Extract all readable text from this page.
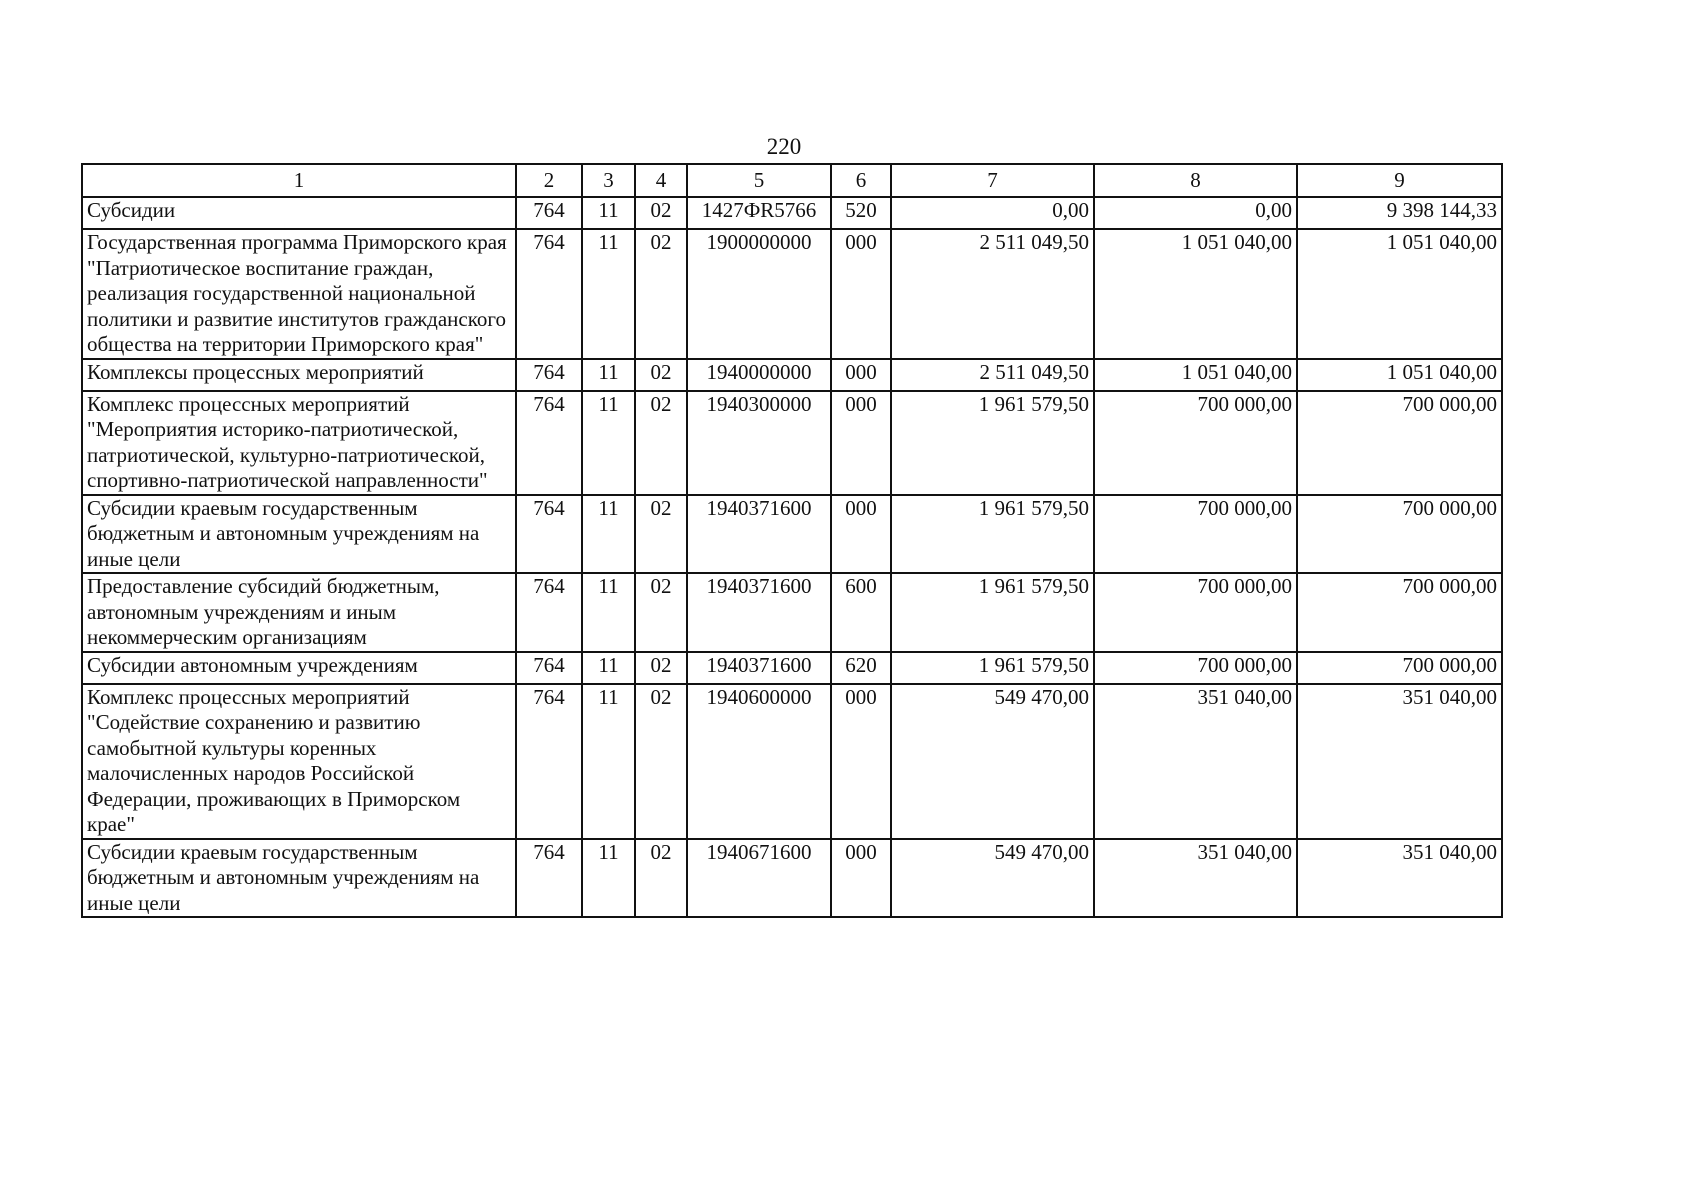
220
1	2	3	4	5	6	7	8	9
Субсидии	764	11	02	1427ФR5766	520	0,00	0,00	9 398 144,33
Государственная программа Приморского края "Патриотическое воспитание граждан, реализация государственной национальной политики и развитие институтов гражданского общества на территории Приморского края"	764	11	02	1900000000	000	2 511 049,50	1 051 040,00	1 051 040,00
Комплексы процессных мероприятий	764	11	02	1940000000	000	2 511 049,50	1 051 040,00	1 051 040,00
Комплекс процессных мероприятий "Мероприятия историко-патриотической, патриотической, культурно-патриотической, спортивно-патриотической направленности"	764	11	02	1940300000	000	1 961 579,50	700 000,00	700 000,00
Субсидии краевым государственным бюджетным и автономным учреждениям на иные цели	764	11	02	1940371600	000	1 961 579,50	700 000,00	700 000,00
Предоставление субсидий бюджетным, автономным учреждениям и иным некоммерческим организациям	764	11	02	1940371600	600	1 961 579,50	700 000,00	700 000,00
Субсидии автономным учреждениям	764	11	02	1940371600	620	1 961 579,50	700 000,00	700 000,00
Комплекс процессных мероприятий "Содействие сохранению и развитию самобытной культуры коренных малочисленных народов Российской Федерации, проживающих в Приморском крае"	764	11	02	1940600000	000	549 470,00	351 040,00	351 040,00
Субсидии краевым государственным бюджетным и автономным учреждениям на иные цели	764	11	02	1940671600	000	549 470,00	351 040,00	351 040,00
